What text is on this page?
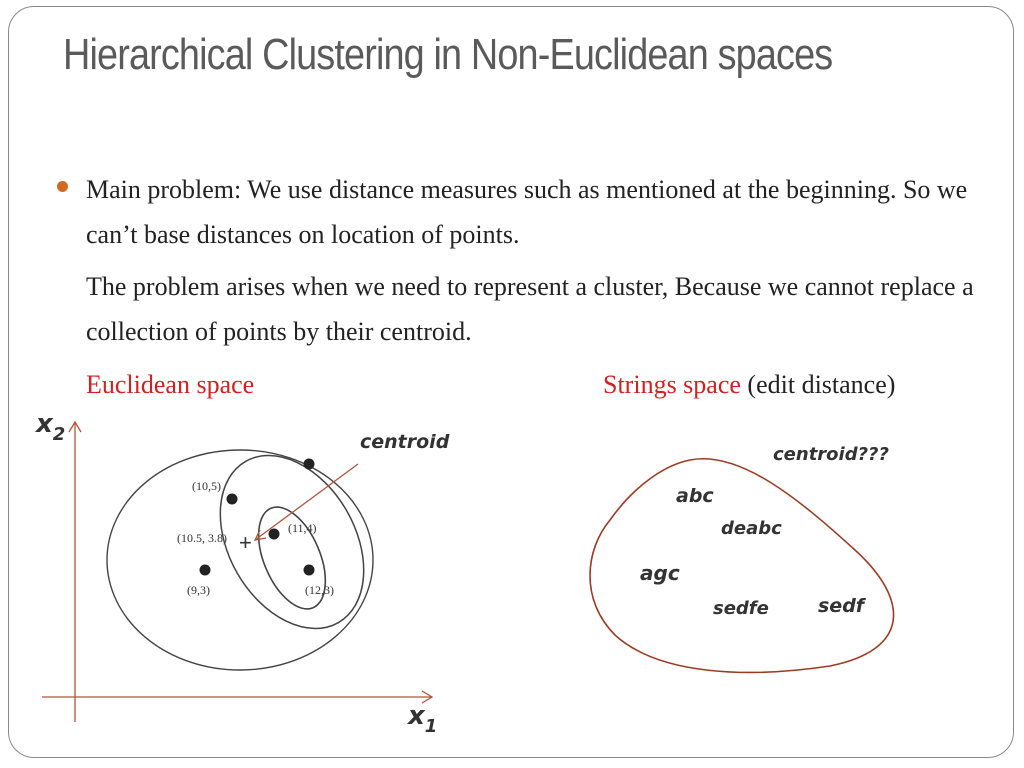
Hierarchical Clustering in Non-Euclidean spaces

Main problem: We use distance measures such as mentioned at the beginning. So we can’t base distances on location of points.

The problem arises when we need to represent a cluster, Because we cannot replace a collection of points by their centroid.

Euclidean space	Strings space (edit distance)

$x_2$
$x_1$
(10,5)
(11,4)
(12,3)
(9,3)
(10.5, 3.8) +
centroid
centroid???
abc
deabc
agc
sedfe	sedf
